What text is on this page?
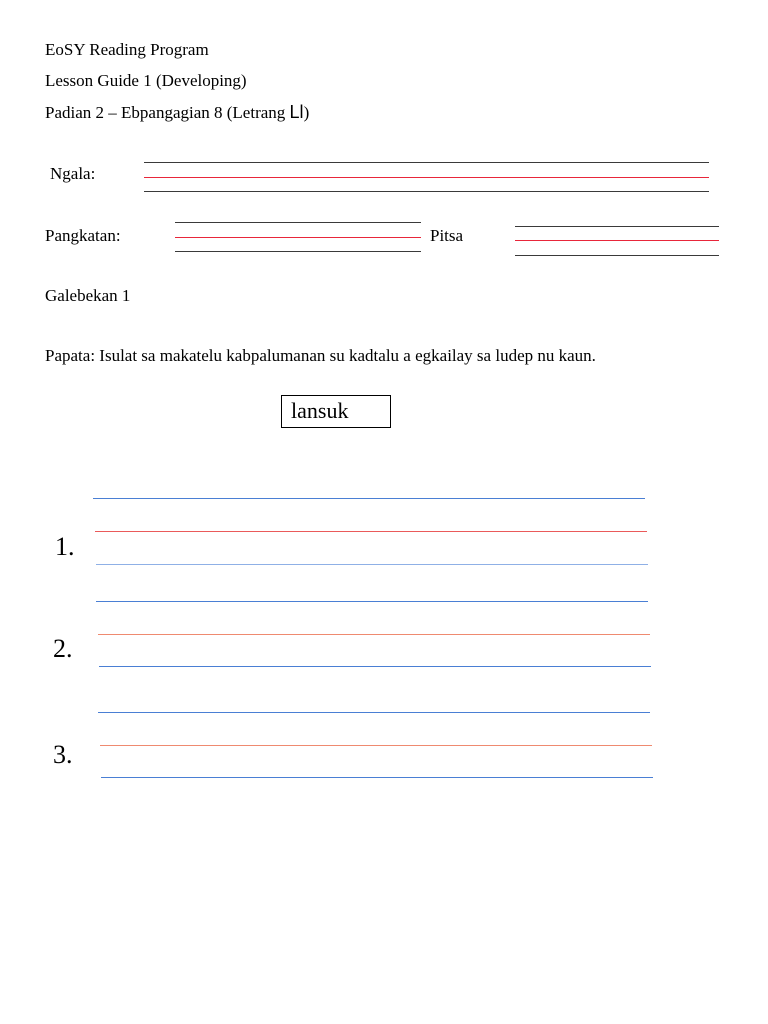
EoSY Reading Program
Lesson Guide 1 (Developing)
Padian 2 – Ebpangagian 8 (Letrang Ll)
Ngala:
Pangkatan:	Pitsa
Galebekan 1
Papata: Isulat sa makatelu kabpalumanan su kadtalu a egkailay sa ludep nu kaun.
lansuk
1.
2.
3.
